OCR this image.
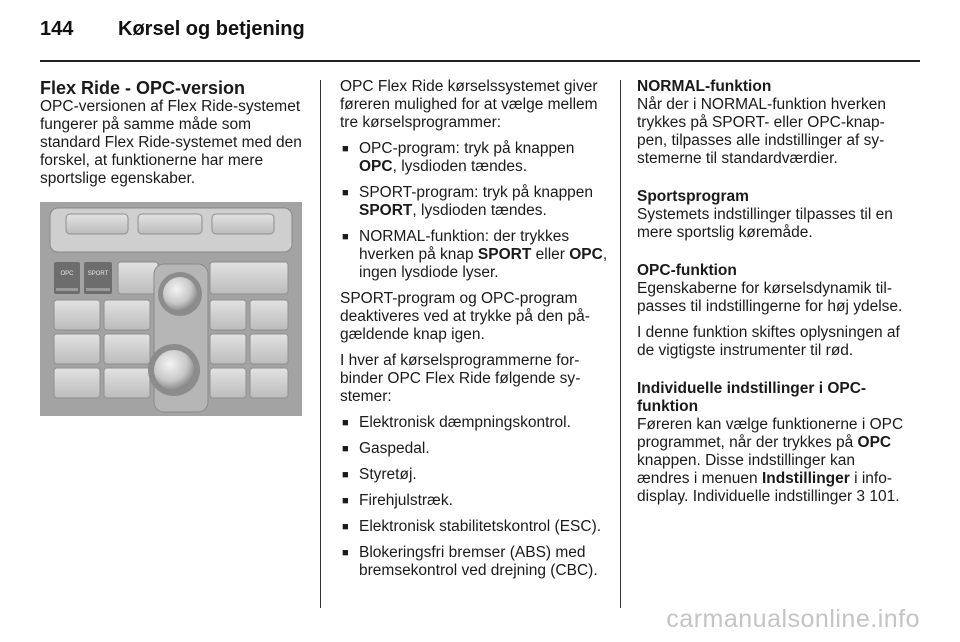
144 Kørsel og betjening
Flex Ride - OPC-version

OPC-versionen af Flex Ride-systemet fungerer på samme måde som standard Flex Ride-systemet med den forskel, at funktionerne har mere sportslige egenskaber.

OPC SPORT

OPC Flex Ride kørselssystemet giver føreren mulighed for at vælge mellem tre kørselsprogrammer:

■ OPC-program: tryk på knappen OPC, lysdioden tændes.
■ SPORT-program: tryk på knappen SPORT, lysdioden tændes.
■ NORMAL-funktion: der trykkes hverken på knap SPORT eller OPC, ingen lysdiode lyser.

SPORT-program og OPC-program deaktiveres ved at trykke på den pågældende knap igen.

I hver af kørselsprogrammerne forbinder OPC Flex Ride følgende systemer:

■ Elektronisk dæmpningskontrol.
■ Gaspedal.
■ Styretøj.
■ Firehjulstræk.
■ Elektronisk stabilitetskontrol (ESC).
■ Blokeringsfri bremser (ABS) med bremsekontrol ved drejning (CBC).
NORMAL-funktion

Når der i NORMAL-funktion hverken trykkes på SPORT- eller OPC-knappen, tilpasses alle indstillinger af systemerne til standardværdier.

Sportsprogram

Systemets indstillinger tilpasses til en mere sportslig køremåde.

OPC-funktion

Egenskaberne for kørselsdynamik tilpasses til indstillingerne for høj ydelse.

I denne funktion skiftes oplysningen af de vigtigste instrumenter til rød.

Individuelle indstillinger i OPC-funktion

Føreren kan vælge funktionerne i OPC programmet, når der trykkes på OPC knappen. Disse indstillinger kan ændres i menuen Indstillinger i info-display. Individuelle indstillinger 3 101.

carmanualsonline.info
